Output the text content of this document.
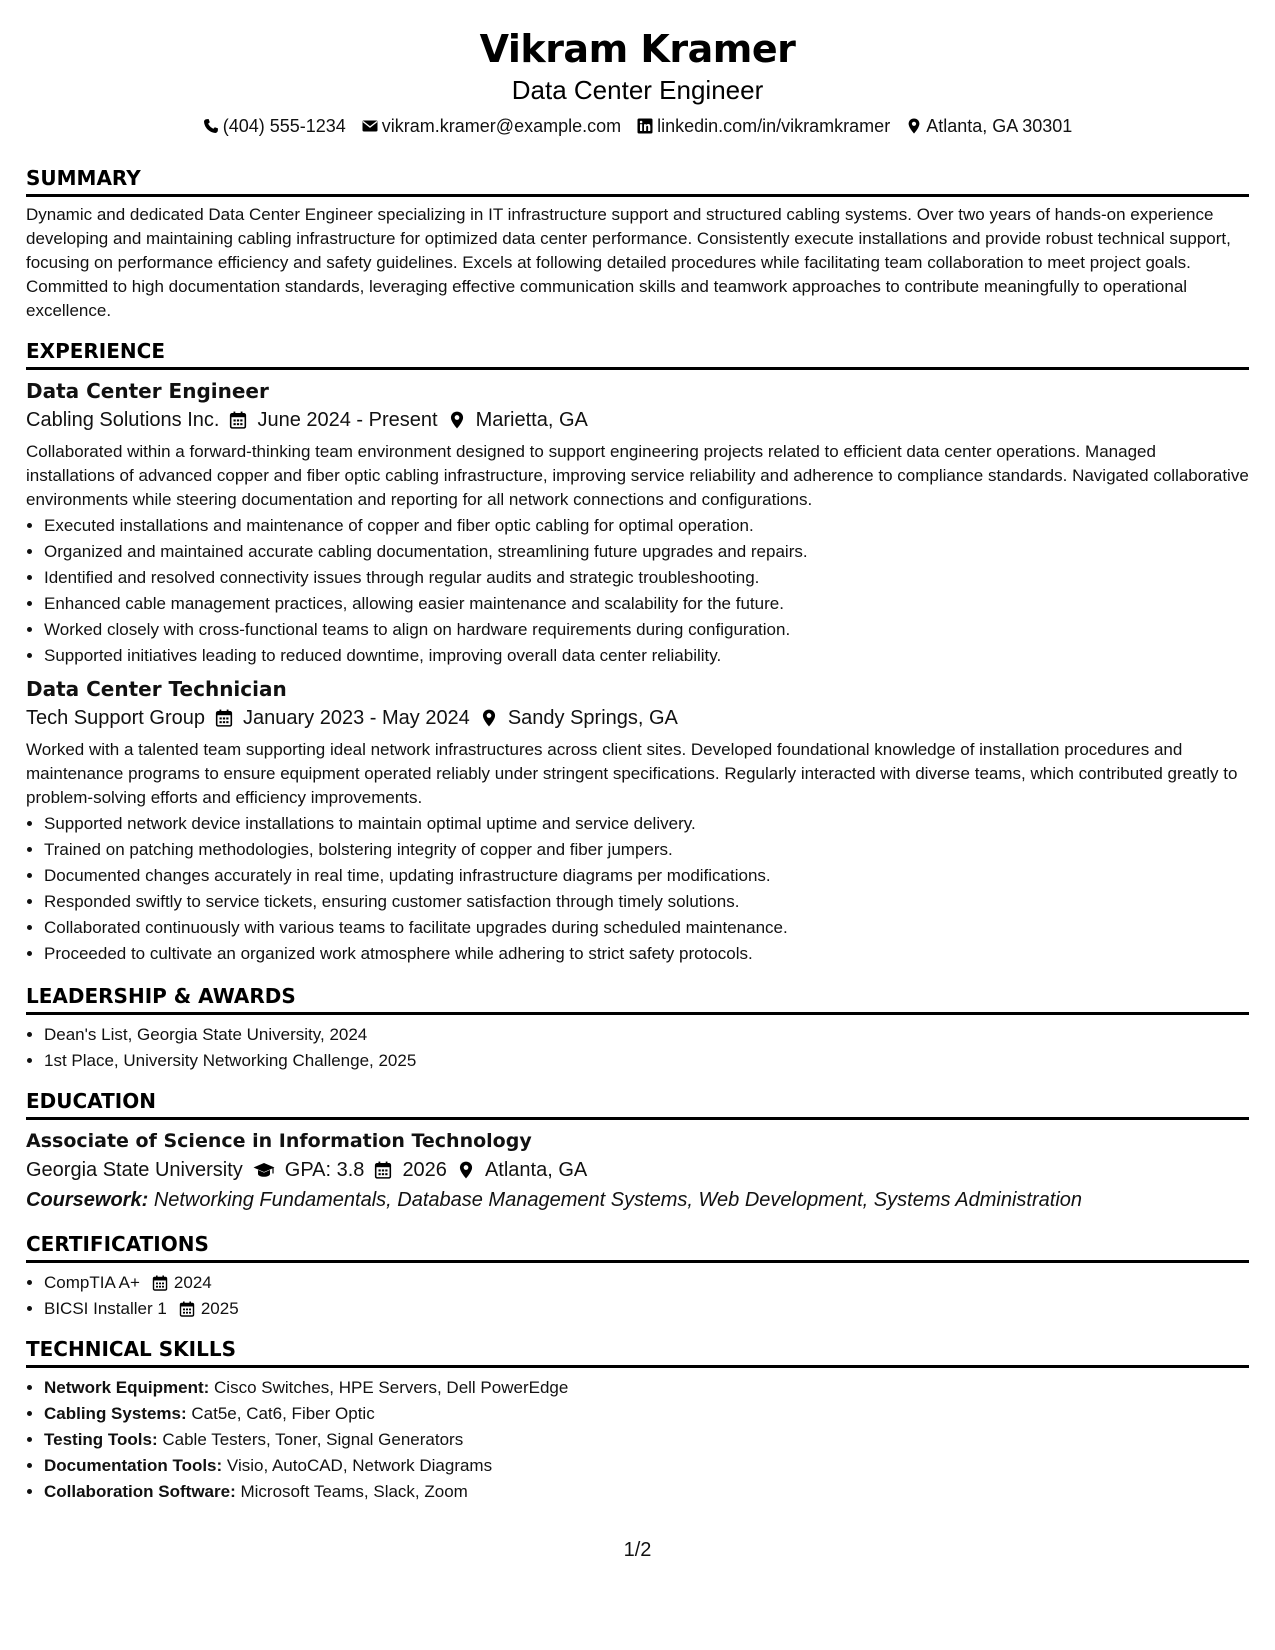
Vikram Kramer
Data Center Engineer
(404) 555-1234 vikram.kramer@example.com linkedin.com/in/vikramkramer Atlanta, GA 30301
SUMMARY
Dynamic and dedicated Data Center Engineer specializing in IT infrastructure support and structured cabling systems. Over two years of hands-on experience developing and maintaining cabling infrastructure for optimized data center performance. Consistently execute installations and provide robust technical support, focusing on performance efficiency and safety guidelines. Excels at following detailed procedures while facilitating team collaboration to meet project goals. Committed to high documentation standards, leveraging effective communication skills and teamwork approaches to contribute meaningfully to operational excellence.
EXPERIENCE
Data Center Engineer
Cabling Solutions Inc. June 2024 - Present Marietta, GA
Collaborated within a forward-thinking team environment designed to support engineering projects related to efficient data center operations. Managed installations of advanced copper and fiber optic cabling infrastructure, improving service reliability and adherence to compliance standards. Navigated collaborative environments while steering documentation and reporting for all network connections and configurations.
• Executed installations and maintenance of copper and fiber optic cabling for optimal operation.
• Organized and maintained accurate cabling documentation, streamlining future upgrades and repairs.
• Identified and resolved connectivity issues through regular audits and strategic troubleshooting.
• Enhanced cable management practices, allowing easier maintenance and scalability for the future.
• Worked closely with cross-functional teams to align on hardware requirements during configuration.
• Supported initiatives leading to reduced downtime, improving overall data center reliability.
Data Center Technician
Tech Support Group January 2023 - May 2024 Sandy Springs, GA
Worked with a talented team supporting ideal network infrastructures across client sites. Developed foundational knowledge of installation procedures and maintenance programs to ensure equipment operated reliably under stringent specifications. Regularly interacted with diverse teams, which contributed greatly to problem-solving efforts and efficiency improvements.
• Supported network device installations to maintain optimal uptime and service delivery.
• Trained on patching methodologies, bolstering integrity of copper and fiber jumpers.
• Documented changes accurately in real time, updating infrastructure diagrams per modifications.
• Responded swiftly to service tickets, ensuring customer satisfaction through timely solutions.
• Collaborated continuously with various teams to facilitate upgrades during scheduled maintenance.
• Proceeded to cultivate an organized work atmosphere while adhering to strict safety protocols.
LEADERSHIP & AWARDS
• Dean's List, Georgia State University, 2024
• 1st Place, University Networking Challenge, 2025
EDUCATION
Associate of Science in Information Technology
Georgia State University GPA: 3.8 2026 Atlanta, GA
Coursework: Networking Fundamentals, Database Management Systems, Web Development, Systems Administration
CERTIFICATIONS
• CompTIA A+ 2024
• BICSI Installer 1 2025
TECHNICAL SKILLS
• Network Equipment: Cisco Switches, HPE Servers, Dell PowerEdge
• Cabling Systems: Cat5e, Cat6, Fiber Optic
• Testing Tools: Cable Testers, Toner, Signal Generators
• Documentation Tools: Visio, AutoCAD, Network Diagrams
• Collaboration Software: Microsoft Teams, Slack, Zoom
1/2
